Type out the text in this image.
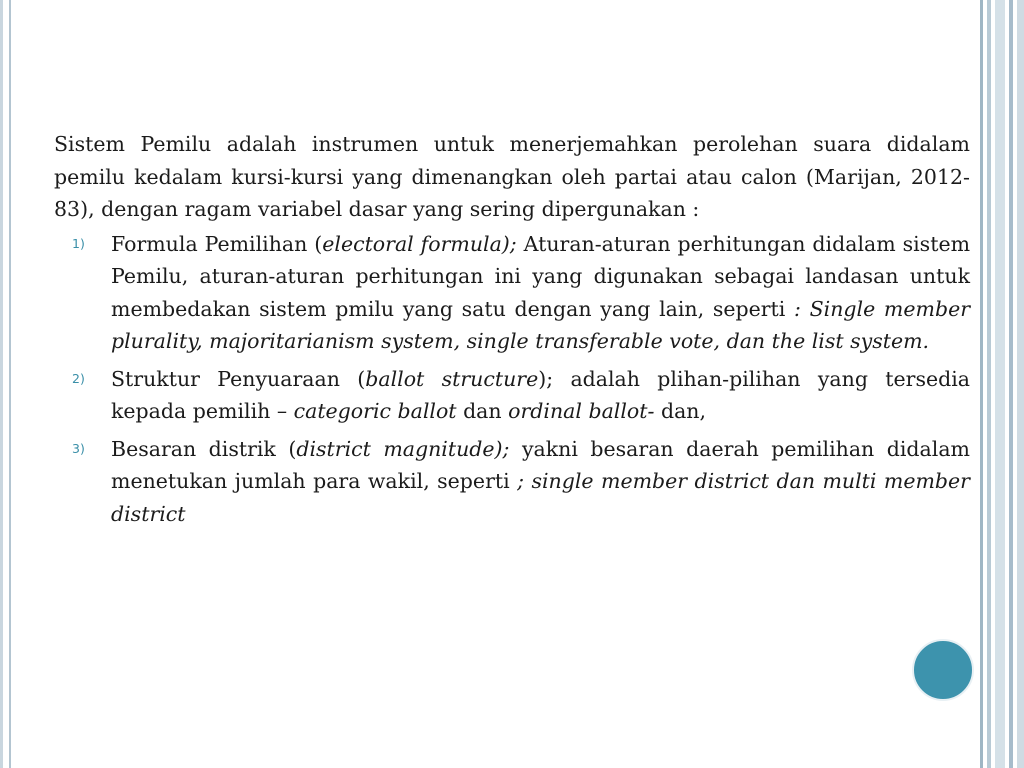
Sistem Pemilu adalah instrumen untuk menerjemahkan perolehan suara didalam pemilu kedalam kursi-kursi yang dimenangkan oleh partai atau calon (Marijan, 2012-83), dengan ragam variabel dasar yang sering dipergunakan :

1) Formula Pemilihan (electoral formula); Aturan-aturan perhitungan didalam sistem Pemilu, aturan-aturan perhitungan ini yang digunakan sebagai landasan untuk membedakan sistem pmilu yang satu dengan yang lain, seperti : Single member plurality, majoritarianism system, single transferable vote, dan the list system.
2) Struktur Penyuaraan (ballot structure); adalah plihan-pilihan yang tersedia kepada pemilih – categoric ballot dan ordinal ballot- dan,
3) Besaran distrik (district magnitude); yakni besaran daerah pemilihan didalam menetukan jumlah para wakil, seperti ; single member district dan multi member district
